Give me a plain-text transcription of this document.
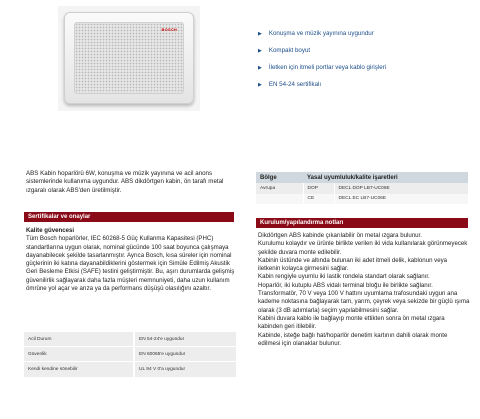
BOSCH
▶ Konuşma ve müzik yayınına uygundur
▶ Kompakt boyut
▶ İletken için itmeli portlar veya kablo girişleri
▶ EN 54-24 sertifikalı

ABS Kabin hoparlörü 6W, konuşma ve müzik yayınına ve acil anons sistemlerinde kullanıma uygundur. ABS dikdörtgen kabin, ön tarafı metal ızgaralı olarak ABS'den üretilmiştir.

Sertifikalar ve onaylar
Kalite güvencesi

Tüm Bosch hoparlörler, IEC 60268-5 Güç Kullanma Kapasitesi (PHC) standartlarına uygun olarak, nominal gücünde 100 saat boyunca çalışmaya dayanabilecek şekilde tasarlanmıştır. Ayrıca Bosch, kısa süreler için nominal güçlerinin iki katına dayanabildiklerini göstermek için Simüle Edilmiş Akustik Geri Besleme Etkisi (SAFE) testini geliştirmiştir. Bu, aşırı durumlarda gelişmiş güvenilirlik sağlayarak daha fazla müşteri memnuniyeti, daha uzun kullanım ömrüne yol açar ve arıza ya da performans düşüşü olasılığını azaltır.

Acil Durum	EN 54-24'e uygundur
Güvenlik	EN 60065'e uygundur
Kendi kendine sönebilir	UL 94 V 0'a uygundur
Bölge	Yasal uyumluluk/kalite işaretleri	
Avrupa	DOP	DECL DOP LB7-UC06E
	CE	DECL EC LB7-UC06E
Kurulum/yapılandırma notları

Dikdörtgen ABS kabinde çıkarılabilir ön metal ızgara bulunur.

Kurulumu kolaydır ve ürünle birlikte verilen iki vida kullanılarak görünmeyecek şekilde duvara monte edilebilir.

Kabinin üstünde ve altında bulunan iki adet itmeli delik, kablonun veya iletkenin kolayca girmesini sağlar.

Kabin rengiyle uyumlu iki lastik rondela standart olarak sağlanır.

Hoparlör, iki kutuplu ABS vidalı terminal bloğu ile birlikte sağlanır. Transformatör, 70 V veya 100 V hattını uyumlama trafosundaki uygun ana kademe noktasına bağlayarak tam, yarım, çeyrek veya sekizde bir güçlü ışıma olarak (3 dB adımlarla) seçim yapılabilmesini sağlar.

Kabini duvara kablo ile bağlayıp monte ettikten sonra ön metal ızgara kabinden geri itilebilir.

Kabinde, isteğe bağlı hat/hoparlör denetim kartının dahili olarak monte edilmesi için olanaklar bulunur.
